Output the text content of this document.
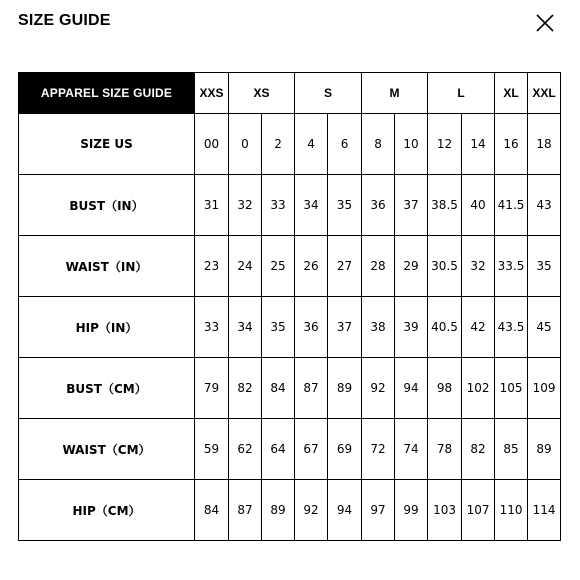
SIZE GUIDE
APPAREL SIZE GUIDE	XXS	XS		S		M		L		XL	XXL
SIZE US	00	0	2	4	6	8	10	12	14	16	18
BUST（IN）	31	32	33	34	35	36	37	38.5	40	41.5	43
WAIST（IN）	23	24	25	26	27	28	29	30.5	32	33.5	35
HIP（IN）	33	34	35	36	37	38	39	40.5	42	43.5	45
BUST（CM）	79	82	84	87	89	92	94	98	102	105	109
WAIST（CM）	59	62	64	67	69	72	74	78	82	85	89
HIP（CM）	84	87	89	92	94	97	99	103	107	110	114
